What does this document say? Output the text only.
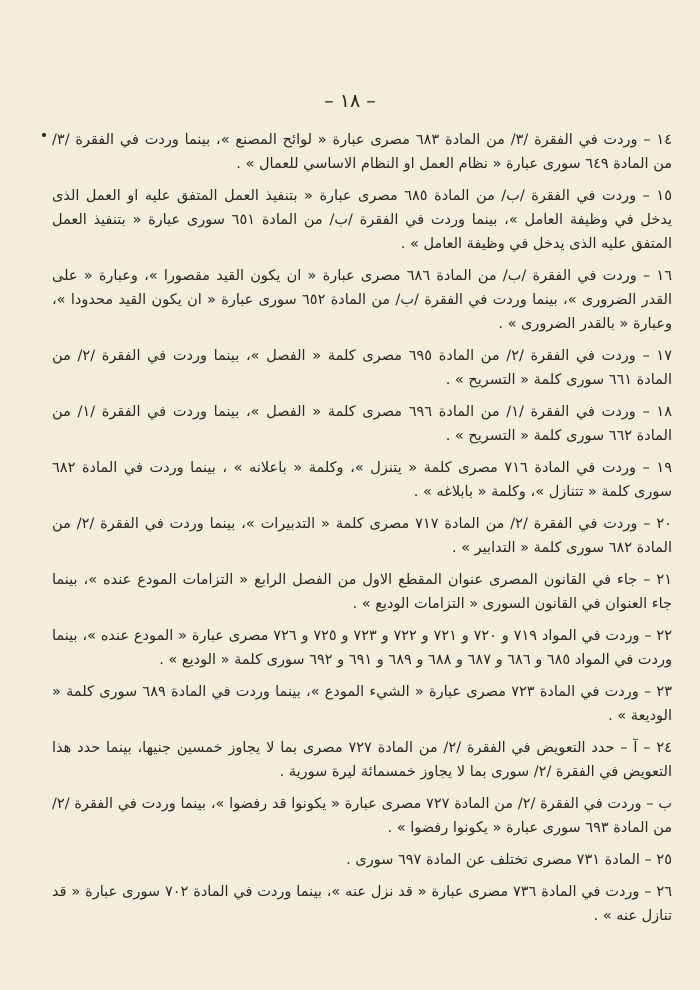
– ١٨ –

١٤ – وردت في الفقرة /٣/ من المادة ٦٨٣ مصرى عبارة « لوائح المصنع »، بينما وردت في الفقرة /٣/ من المادة ٦٤٩ سورى عبارة « نظام العمل او النظام الاساسي للعمال » .

١٥ – وردت في الفقرة /ب/ من المادة ٦٨٥ مصرى عبارة « بتنفيذ العمل المتفق عليه او العمل الذى يدخل في وظيفة العامل »، بينما وردت في الفقرة /ب/ من المادة ٦٥١ سورى عبارة « بتنفيذ العمل المتفق عليه الذى يدخل في وظيفة العامل » .

١٦ – وردت في الفقرة /ب/ من المادة ٦٨٦ مصرى عبارة « ان يكون القيد مقصورا »، وعبارة « على القدر الضرورى »، بينما وردت في الفقرة /ب/ من المادة ٦٥٢ سورى عبارة « ان يكون القيد محدودا »، وعبارة « بالقدر الضرورى » .

١٧ – وردت في الفقرة /٢/ من المادة ٦٩٥ مصرى كلمة « الفصل »، بينما وردت في الفقرة /٢/ من المادة ٦٦١ سورى كلمة « التسريح » .

١٨ – وردت في الفقرة /١/ من المادة ٦٩٦ مصرى كلمة « الفصل »، بينما وردت في الفقرة /١/ من المادة ٦٦٢ سورى كلمة « التسريح » .

١٩ – وردت في المادة ٧١٦ مصرى كلمة « يتنزل »، وكلمة « باعلانه » ، بينما وردت في المادة ٦٨٢ سورى كلمة « تتنازل »، وكلمة « بابلاغه » .

٢٠ – وردت في الفقرة /٢/ من المادة ٧١٧ مصرى كلمة « التدبيرات »، بينما وردت في الفقرة /٢/ من المادة ٦٨٢ سورى كلمة « التدابير » .

٢١ – جاء في القانون المصرى عنوان المقطع الاول من الفصل الرابع « التزامات المودع عنده »، بينما جاء العنوان في القانون السورى « التزامات الوديع » .

٢٢ – وردت في المواد ٧١٩ و ٧٢٠ و ٧٢١ و ٧٢٢ و ٧٢٣ و ٧٢٥ و ٧٢٦ مصرى عبارة « المودع عنده »، بينما وردت في المواد ٦٨٥ و ٦٨٦ و ٦٨٧ و ٦٨٨ و ٦٨٩ و ٦٩١ و ٦٩٢ سورى كلمة « الوديع » .

٢٣ – وردت في المادة ٧٢٣ مصرى عبارة « الشيء المودع »، بينما وردت في المادة ٦٨٩ سورى كلمة « الوديعة » .

٢٤ – آ – حدد التعويض في الفقرة /٢/ من المادة ٧٢٧ مصرى بما لا يجاوز خمسين جنيها، بينما حدد هذا التعويض في الفقرة /٢/ سورى بما لا يجاوز خمسمائة ليرة سورية .

ب – وردت في الفقرة /٢/ من المادة ٧٢٧ مصرى عبارة « يكونوا قد رفضوا »، بينما وردت في الفقرة /٢/ من المادة ٦٩٣ سورى عبارة « يكونوا رفضوا » .

٢٥ – المادة ٧٣١ مصرى تختلف عن المادة ٦٩٧ سورى .

٢٦ – وردت في المادة ٧٣٦ مصرى عبارة « قد نزل عنه »، بينما وردت في المادة ٧٠٢ سورى عبارة « قد تنازل عنه » .
